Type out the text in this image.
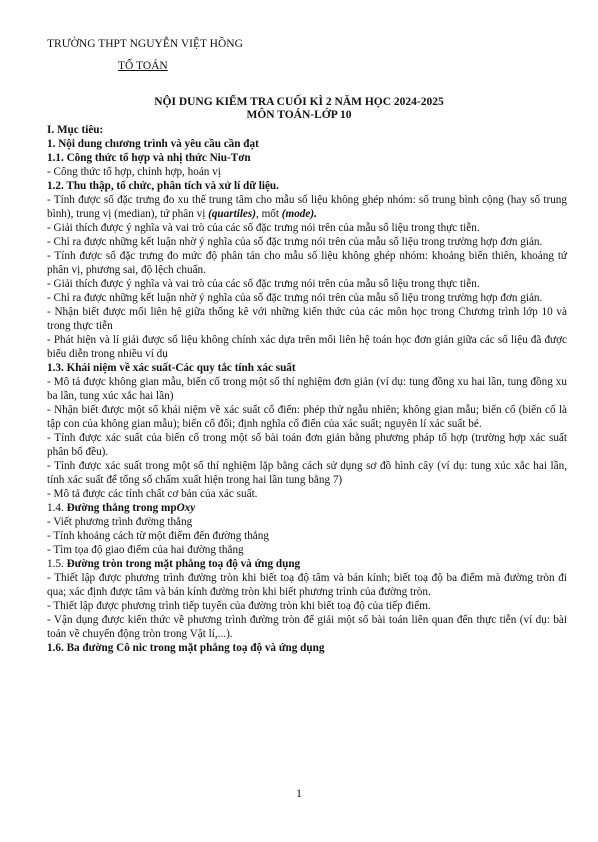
TRƯỜNG THPT NGUYỄN VIỆT HỒNG
TỔ TOÁN
NỘI DUNG KIỂM TRA CUỐI KÌ 2 NĂM HỌC 2024-2025
MÔN TOÁN-LỚP 10

I. Mục tiêu:

1. Nội dung chương trình và yêu cầu cần đạt

1.1. Công thức tổ hợp và nhị thức Niu-Tơn

- Công thức tổ hợp, chỉnh hợp, hoán vị

1.2. Thu thập, tổ chức, phân tích và xử lí dữ liệu.

- Tính được số đặc trưng đo xu thế trung tâm cho mẫu số liệu không ghép nhóm: số trung bình cộng (hay số trung bình), trung vị (median), tứ phân vị (quartiles), mốt (mode).

- Giải thích được ý nghĩa và vai trò của các số đặc trưng nói trên của mẫu số liệu trong thực tiễn.

- Chỉ ra được những kết luận nhờ ý nghĩa của số đặc trưng nói trên của mẫu số liệu trong trường hợp đơn giản.

- Tính được số đặc trưng đo mức độ phân tán cho mẫu số liệu không ghép nhóm: khoảng biến thiên, khoảng tứ phân vị, phương sai, độ lệch chuẩn.

- Giải thích được ý nghĩa và vai trò của các số đặc trưng nói trên của mẫu số liệu trong thực tiễn.

- Chỉ ra được những kết luận nhờ ý nghĩa của số đặc trưng nói trên của mẫu số liệu trong trường hợp đơn giản.

- Nhận biết được mối liên hệ giữa thống kê với những kiến thức của các môn học trong Chương trình lớp 10 và trong thực tiễn

- Phát hiện và lí giải được số liệu không chính xác dựa trên mối liên hệ toán học đơn giản giữa các số liệu đã được biểu diễn trong nhiều ví dụ

1.3. Khái niệm về xác suất-Các quy tắc tính xác suất

- Mô tả được không gian mẫu, biến cố trong một số thí nghiệm đơn giản (ví dụ: tung đồng xu hai lần, tung đồng xu ba lần, tung xúc xắc hai lần)

- Nhận biết được một số khái niệm về xác suất cổ điển: phép thử ngẫu nhiên; không gian mẫu; biến cố (biến cố là tập con của không gian mẫu); biến cố đối; định nghĩa cổ điển của xác suất; nguyên lí xác suất bé.

- Tính được xác suất của biến cố trong một số bài toán đơn giản bằng phương pháp tổ hợp (trường hợp xác suất phân bố đều).

- Tính được xác suất trong một số thí nghiệm lặp bằng cách sử dụng sơ đồ hình cây (ví dụ: tung xúc xắc hai lần, tính xác suất để tổng số chấm xuất hiện trong hai lần tung bằng 7)

- Mô tả được các tính chất cơ bản của xác suất.

1.4. Đường thẳng trong mpOxy

- Viết phương trình đường thẳng

- Tính khoảng cách từ một điểm đến đường thẳng

- Tìm tọa độ giao điểm của hai đường thẳng

1.5. Đường tròn trong mặt phẳng toạ độ và ứng dụng

- Thiết lập được phương trình đường tròn khi biết toạ độ tâm và bán kính; biết toạ độ ba điểm mà đường tròn đi qua; xác định được tâm và bán kính đường tròn khi biết phương trình của đường tròn.

- Thiết lập được phương trình tiếp tuyến của đường tròn khi biết toạ độ của tiếp điểm.

- Vận dụng được kiến thức về phương trình đường tròn để giải một số bài toán liên quan đến thực tiễn (ví dụ: bài toán về chuyển động tròn trong Vật lí,...).

1.6. Ba đường Cô nic trong mặt phẳng toạ độ và ứng dụng

1
